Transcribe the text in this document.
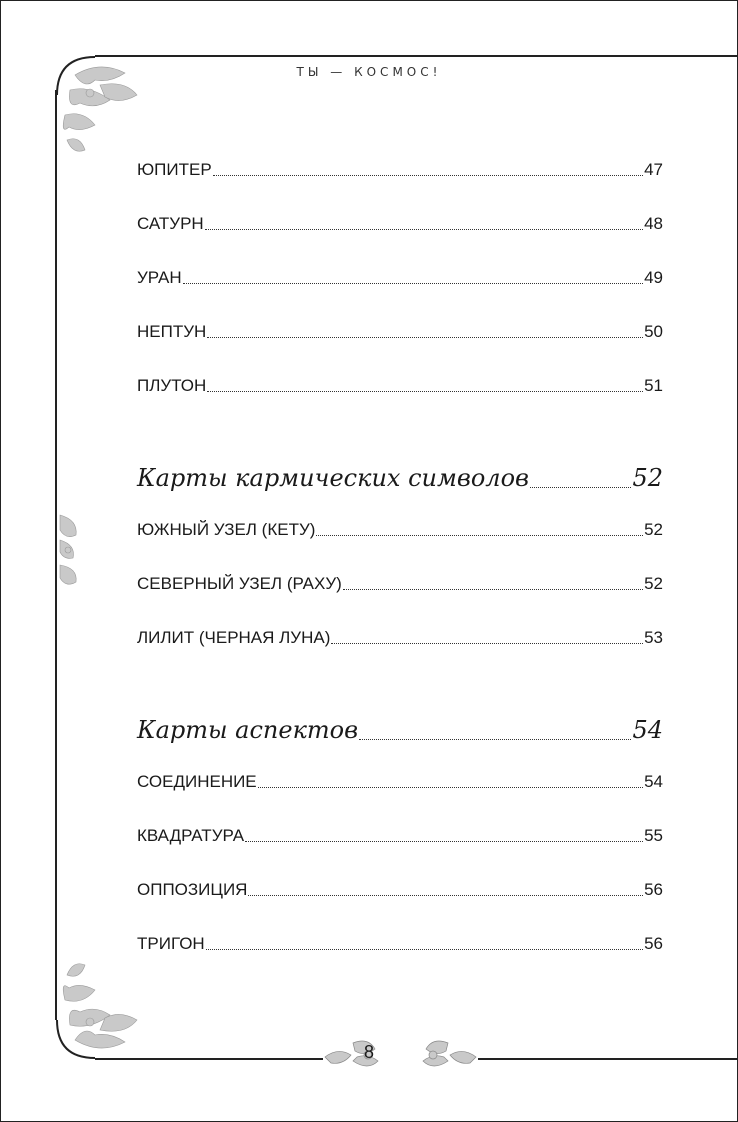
ТЫ — КОСМОС!
ЮПИТЕР	47
САТУРН	48
УРАН	49
НЕПТУН	50
ПЛУТОН	51
Карты кармических символов	52
ЮЖНЫЙ УЗЕЛ (КЕТУ)	52
СЕВЕРНЫЙ УЗЕЛ (РАХУ)	52
ЛИЛИТ (ЧЕРНАЯ ЛУНА)	53
Карты аспектов	54
СОЕДИНЕНИЕ	54
КВАДРАТУРА	55
ОППОЗИЦИЯ	56
ТРИГОН	56
8
